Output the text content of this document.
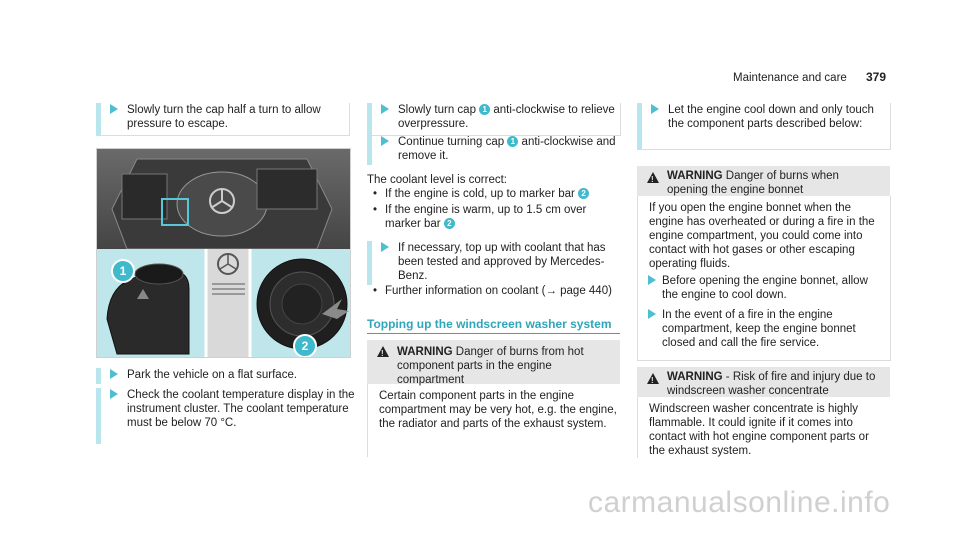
Maintenance and care 379
Slowly turn the cap half a turn to allow pressure to escape.
1
2
Park the vehicle on a flat surface.
Check the coolant temperature display in the instrument cluster. The coolant temperature must be below 70 °C.
Slowly turn cap 1 anti-clockwise to relieve overpressure.
Continue turning cap 1 anti-clockwise and remove it.
The coolant level is correct:
• If the engine is cold, up to marker bar 2
• If the engine is warm, up to 1.5 cm over marker bar 2
If necessary, top up with coolant that has been tested and approved by Mercedes-Benz.
• Further information on coolant (→ page 440)
Topping up the windscreen washer system
!
WARNING Danger of burns from hot component parts in the engine compartment
Certain component parts in the engine compartment may be very hot, e.g. the engine, the radiator and parts of the exhaust system.
Let the engine cool down and only touch the component parts described below:
!
WARNING Danger of burns when opening the engine bonnet
If you open the engine bonnet when the engine has overheated or during a fire in the engine compartment, you could come into contact with hot gases or other escaping operating fluids.
Before opening the engine bonnet, allow the engine to cool down.
In the event of a fire in the engine compartment, keep the engine bonnet closed and call the fire service.
!
WARNING - Risk of fire and injury due to windscreen washer concentrate
Windscreen washer concentrate is highly flammable. It could ignite if it comes into contact with hot engine component parts or the exhaust system.
carmanualsonline.info
